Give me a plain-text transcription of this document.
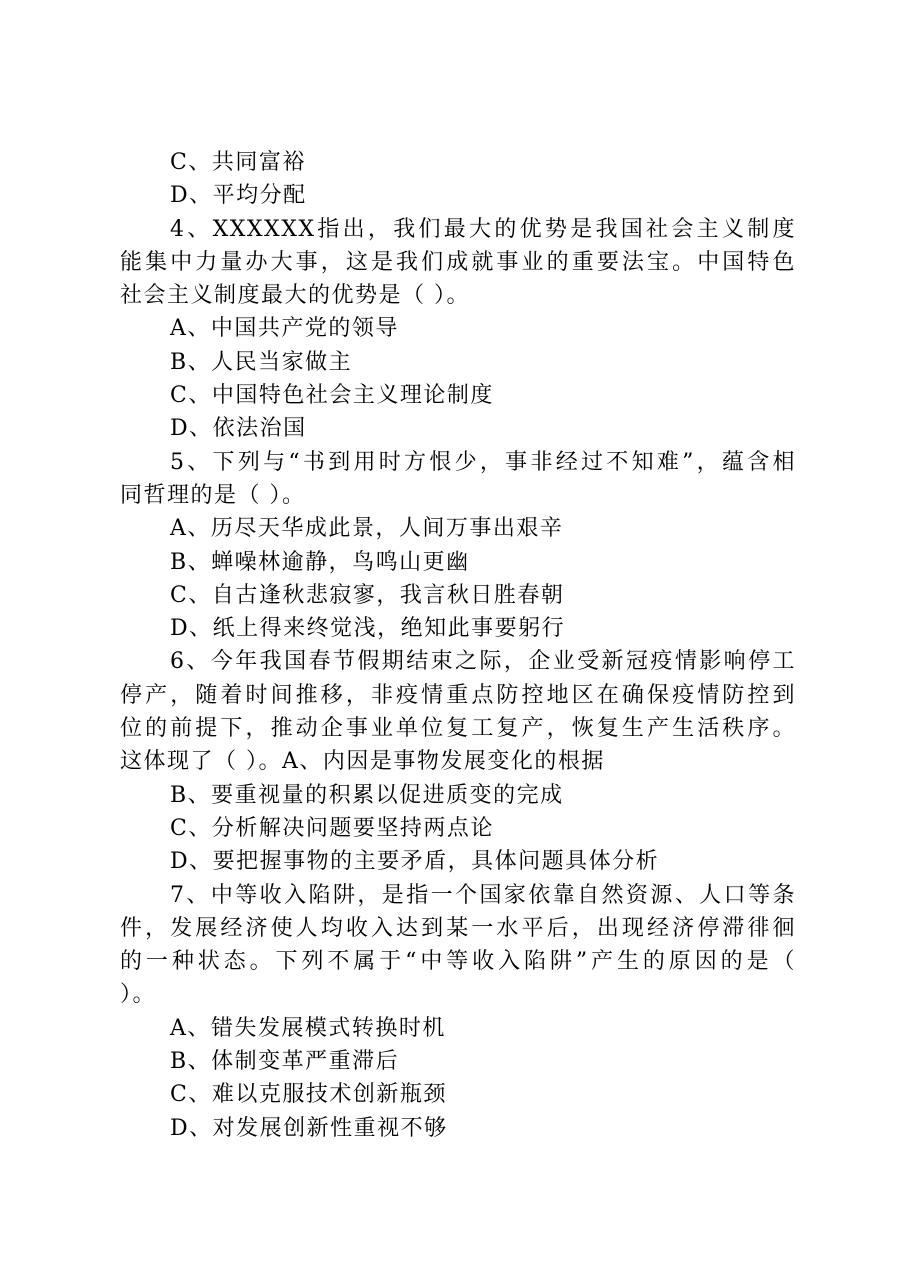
C、共同富裕
D、平均分配
4、XXXXXX指出，我们最大的优势是我国社会主义制度
能集中力量办大事，这是我们成就事业的重要法宝。中国特色
社会主义制度最大的优势是（ ）。
A、中国共产党的领导
B、人民当家做主
C、中国特色社会主义理论制度
D、依法治国
5、下列与“书到用时方恨少，事非经过不知难”，蕴含相
同哲理的是（ ）。
A、历尽天华成此景，人间万事出艰辛
B、蝉噪林逾静，鸟鸣山更幽
C、自古逢秋悲寂寥，我言秋日胜春朝
D、纸上得来终觉浅，绝知此事要躬行
6、今年我国春节假期结束之际，企业受新冠疫情影响停工
停产，随着时间推移，非疫情重点防控地区在确保疫情防控到
位的前提下，推动企事业单位复工复产，恢复生产生活秩序。
这体现了（ ）。A、内因是事物发展变化的根据
B、要重视量的积累以促进质变的完成
C、分析解决问题要坚持两点论
D、要把握事物的主要矛盾，具体问题具体分析
7、中等收入陷阱，是指一个国家依靠自然资源、人口等条
件，发展经济使人均收入达到某一水平后，出现经济停滞徘徊
的一种状态。下列不属于“中等收入陷阱”产生的原因的是（
）。
A、错失发展模式转换时机
B、体制变革严重滞后
C、难以克服技术创新瓶颈
D、对发展创新性重视不够
